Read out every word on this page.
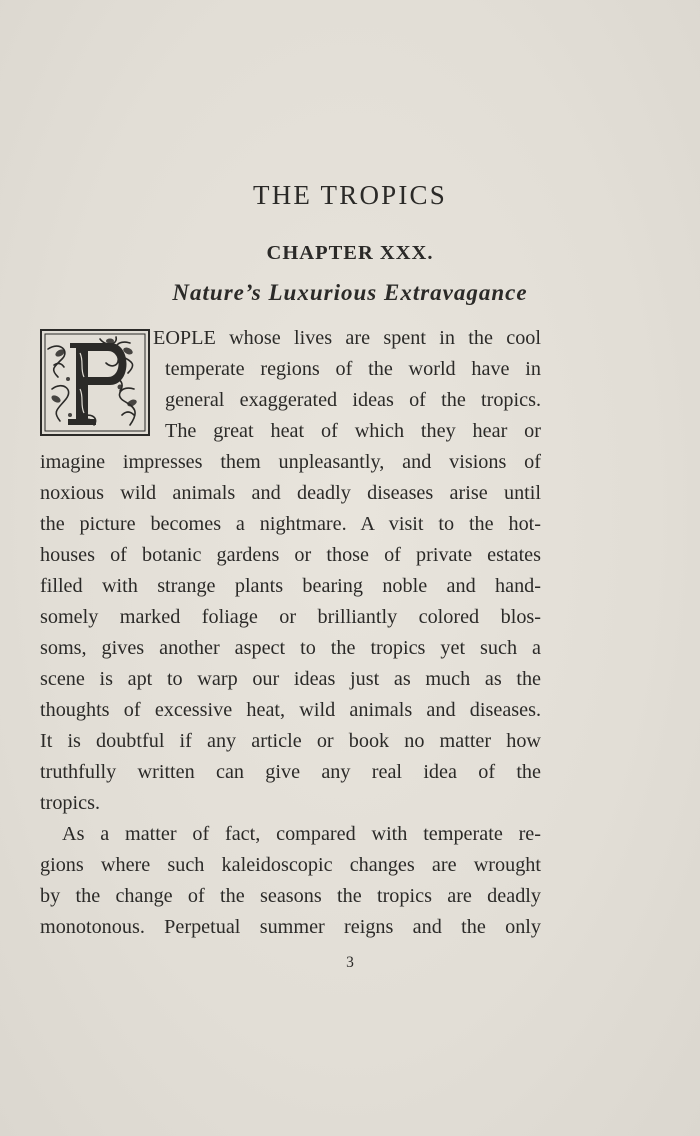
THE TROPICS
CHAPTER XXX.
Nature’s Luxurious Extravagance

EOPLE whose lives are spent in the cool

temperate regions of the world have in

general exaggerated ideas of the tropics.

The great heat of which they hear or

imagine impresses them unpleasantly, and visions of

noxious wild animals and deadly diseases arise until

the picture becomes a nightmare. A visit to the hot-

houses of botanic gardens or those of private estates

filled with strange plants bearing noble and hand-

somely marked foliage or brilliantly colored blos-

soms, gives another aspect to the tropics yet such a

scene is apt to warp our ideas just as much as the

thoughts of excessive heat, wild animals and diseases.

It is doubtful if any article or book no matter how

truthfully written can give any real idea of the

tropics.

As a matter of fact, compared with temperate re-

gions where such kaleidoscopic changes are wrought

by the change of the seasons the tropics are deadly

monotonous. Perpetual summer reigns and the only

3
